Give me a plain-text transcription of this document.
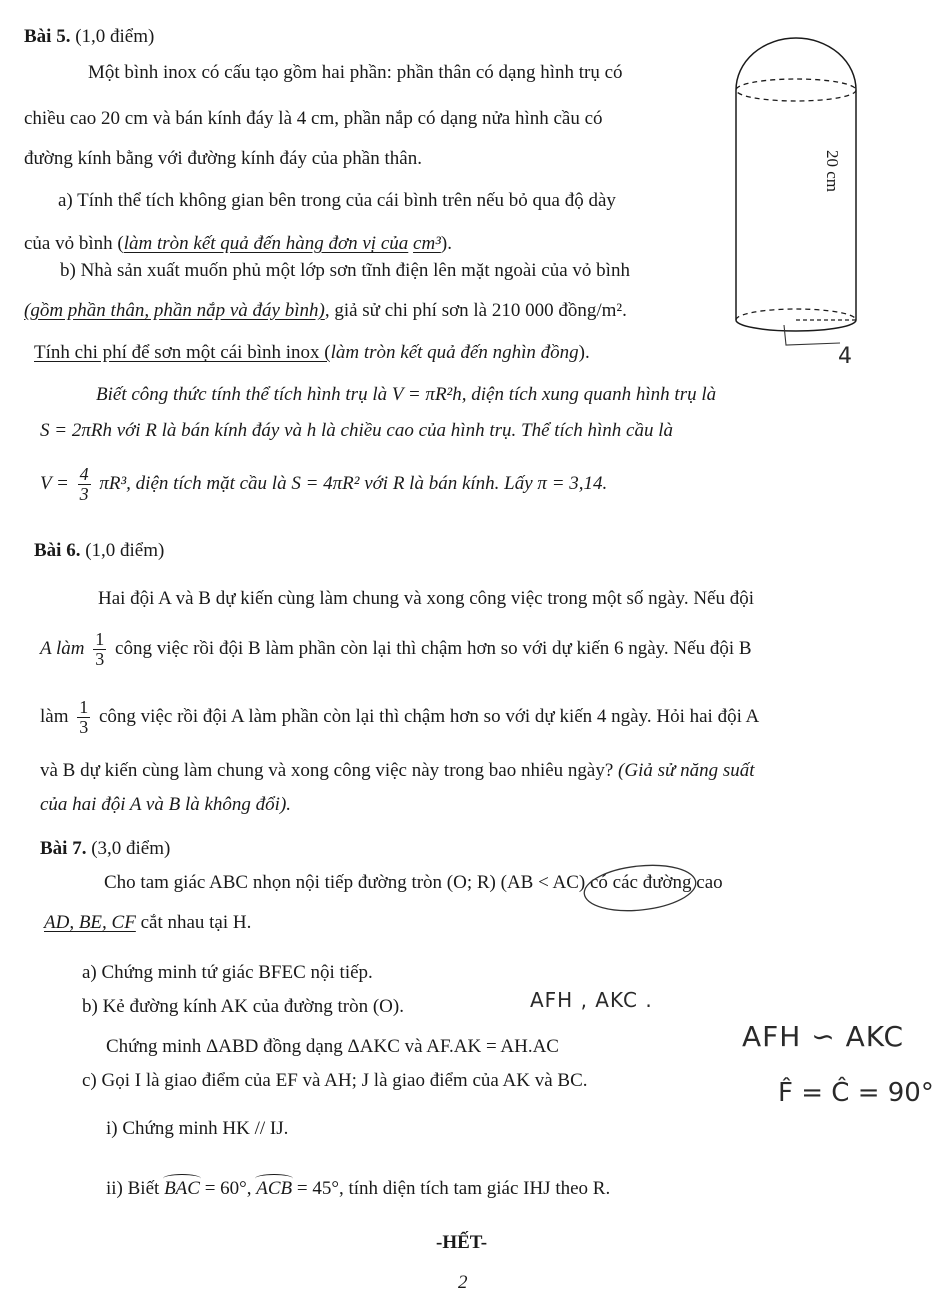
Bài 5. (1,0 điểm)
Một bình inox có cấu tạo gồm hai phần: phần thân có dạng hình trụ có
chiều cao 20 cm và bán kính đáy là 4 cm, phần nắp có dạng nửa hình cầu có
đường kính bằng với đường kính đáy của phần thân.
a) Tính thể tích không gian bên trong của cái bình trên nếu bỏ qua độ dày
của vỏ bình (làm tròn kết quả đến hàng đơn vị của cm³).
b) Nhà sản xuất muốn phủ một lớp sơn tĩnh điện lên mặt ngoài của vỏ bình
(gồm phần thân, phần nắp và đáy bình), giả sử chi phí sơn là 210 000 đồng/m².
Tính chi phí để sơn một cái bình inox (làm tròn kết quả đến nghìn đồng).
Biết công thức tính thể tích hình trụ là V = πR²h, diện tích xung quanh hình trụ là
S = 2πRh với R là bán kính đáy và h là chiều cao của hình trụ. Thể tích hình cầu là
$V = \frac{4}{3} \pi R^3$, diện tích mặt cầu là S = 4πR² với R là bán kính. Lấy π = 3,14.
20 cm
4
Bài 6. (1,0 điểm)
Hai đội A và B dự kiến cùng làm chung và xong công việc trong một số ngày. Nếu đội
A làm $\frac{1}{3}$ công việc rồi đội B làm phần còn lại thì chậm hơn so với dự kiến 6 ngày. Nếu đội B
làm $\frac{1}{3}$ công việc rồi đội A làm phần còn lại thì chậm hơn so với dự kiến 4 ngày. Hỏi hai đội A
và B dự kiến cùng làm chung và xong công việc này trong bao nhiêu ngày? (Giả sử năng suất
của hai đội A và B là không đổi).
Bài 7. (3,0 điểm)
Cho tam giác ABC nhọn nội tiếp đường tròn (O; R) (AB < AC) có các đường cao
AD, BE, CF cắt nhau tại H.
a) Chứng minh tứ giác BFEC nội tiếp.
b) Kẻ đường kính AK của đường tròn (O).
Chứng minh ΔABD đồng dạng ΔAKC và AF.AK = AH.AC
c) Gọi I là giao điểm của EF và AH; J là giao điểm của AK và BC.
i) Chứng minh HK // IJ.
ii) Biết BAC = 60°, ACB = 45°, tính diện tích tam giác IHJ theo R.
AFH , AKC .
AFH ∽ AKC
F̂ = Ĉ = 90°
-HẾT-
2
